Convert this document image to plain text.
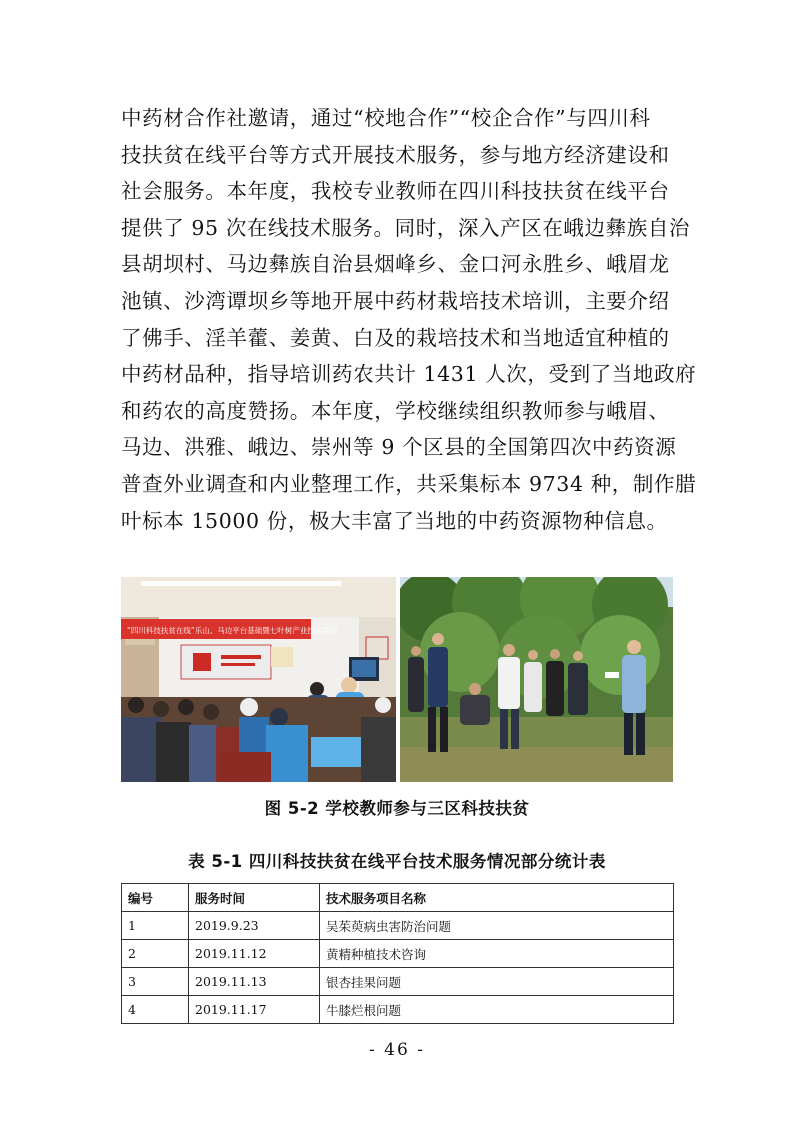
中药材合作社邀请，通过“校地合作”“校企合作”与四川科
技扶贫在线平台等方式开展技术服务，参与地方经济建设和
社会服务。本年度，我校专业教师在四川科技扶贫在线平台
提供了 95 次在线技术服务。同时，深入产区在峨边彝族自治
县胡坝村、马边彝族自治县烟峰乡、金口河永胜乡、峨眉龙
池镇、沙湾谭坝乡等地开展中药材栽培技术培训，主要介绍
了佛手、淫羊藿、姜黄、白及的栽培技术和当地适宜种植的
中药材品种，指导培训药农共计 1431 人次，受到了当地政府
和药农的高度赞扬。本年度，学校继续组织教师参与峨眉、
马边、洪雅、峨边、崇州等 9 个区县的全国第四次中药资源
普查外业调查和内业整理工作，共采集标本 9734 种，制作腊
叶标本 15000 份，极大丰富了当地的中药资源物种信息。

“四川科技扶贫在线”乐山、马边平台基础暨七叶树产业技术培训
图 5-2 学校教师参与三区科技扶贫
表 5-1 四川科技扶贫在线平台技术服务情况部分统计表
编号	服务时间	技术服务项目名称
1	2019.9.23	吴茱萸病虫害防治问题
2	2019.11.12	黄精种植技术咨询
3	2019.11.13	银杏挂果问题
4	2019.11.17	牛膝烂根问题
- 46 -
